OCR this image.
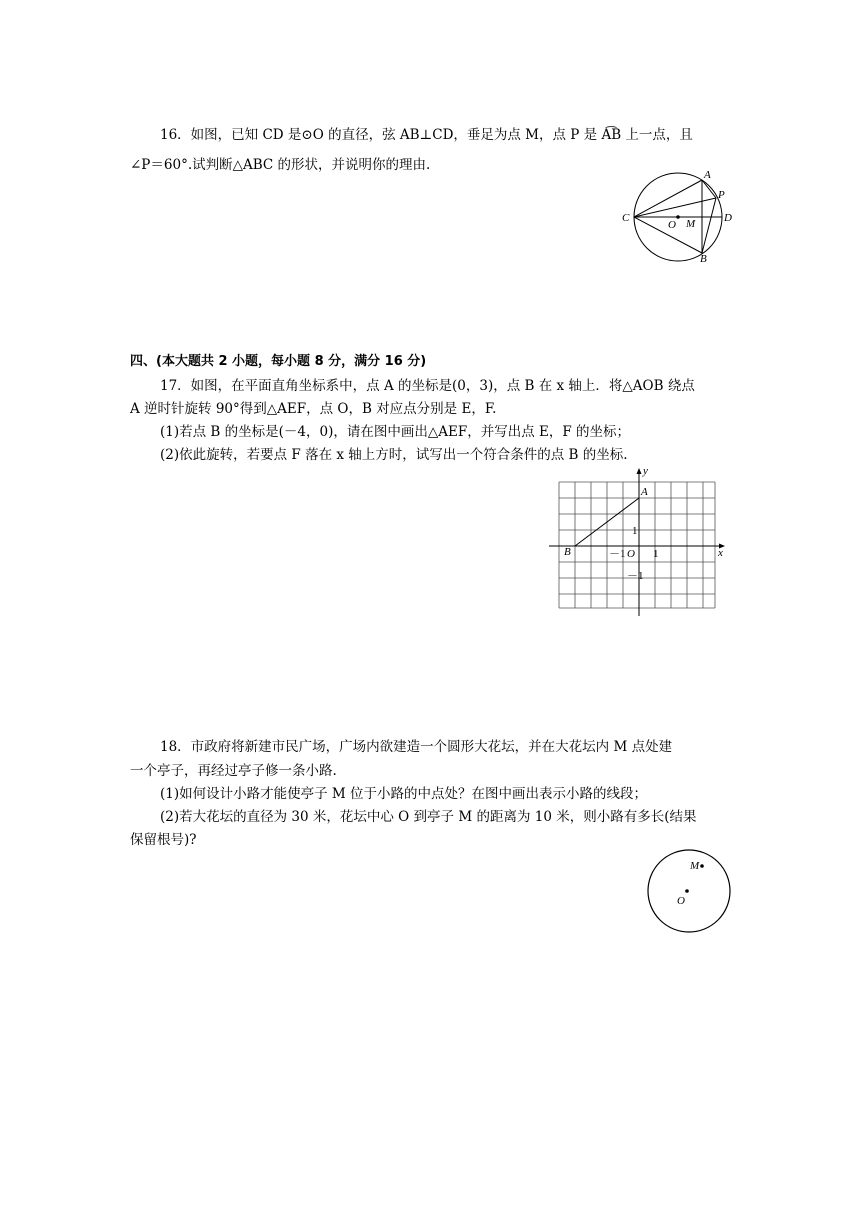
16．如图，已知 CD 是⊙O 的直径，弦 AB⊥CD，垂足为点 M，点 P 是 A͡B 上一点，且
∠P＝60°.试判断△ABC 的形状，并说明你的理由.
A
P
C
O M	D
B
四、(本大题共 2 小题，每小题 8 分，满分 16 分)
17．如图，在平面直角坐标系中，点 A 的坐标是(0，3)，点 B 在 x 轴上．将△AOB 绕点
A 逆时针旋转 90°得到△AEF，点 O，B 对应点分别是 E，F.
(1)若点 B 的坐标是(－4，0)，请在图中画出△AEF，并写出点 E，F 的坐标；
(2)依此旋转，若要点 F 落在 x 轴上方时，试写出一个符合条件的点 B 的坐标.
y
x
A
B	O
1
1
－1
－1
18．市政府将新建市民广场，广场内欲建造一个圆形大花坛，并在大花坛内 M 点处建
一个亭子，再经过亭子修一条小路.
(1)如何设计小路才能使亭子 M 位于小路的中点处？在图中画出表示小路的线段；
(2)若大花坛的直径为 30 米，花坛中心 O 到亭子 M 的距离为 10 米，则小路有多长(结果
保留根号)?
M
O
